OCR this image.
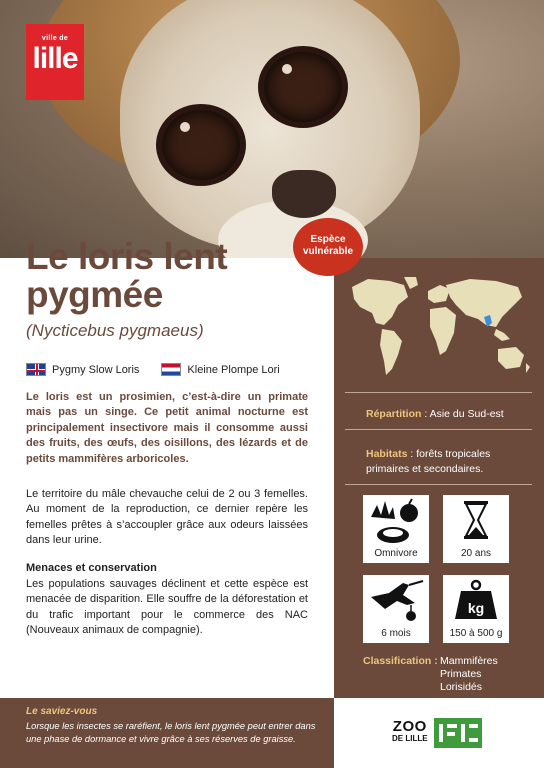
ville de
lille
Espèce
vulnérable
Répartition : Asie du Sud-est
Habitats : forêts tropicales primaires et secondaires.
Omnivore	20 ans
6 mois
kg
150 à 500 g
Classification : Mammifères
Primates
Lorisidés
Le loris lent
pygmée
(Nycticebus pygmaeus)
Pygmy Slow Loris	Kleine Plompe Lori
Le loris est un prosimien, c’est-à-dire un primate mais pas un singe. Ce petit animal nocturne est principalement insectivore mais il consomme aussi des fruits, des œufs, des oisillons, des lézards et de petits mammifères arboricoles.
Le territoire du mâle chevauche celui de 2 ou 3 femelles. Au moment de la reproduction, ce dernier repère les femelles prêtes à s’accoupler grâce aux odeurs laissées dans leur urine.
Menaces et conservation
Les populations sauvages déclinent et cette espèce est menacée de disparition. Elle souffre de la déforestation et du trafic important pour le commerce des NAC (Nouveaux animaux de compagnie).
Le saviez-vous
Lorsque les insectes se raréfient, le loris lent pygmée peut entrer dans une phase de dormance et vivre grâce à ses réserves de graisse.
ZOO
DE LILLE
